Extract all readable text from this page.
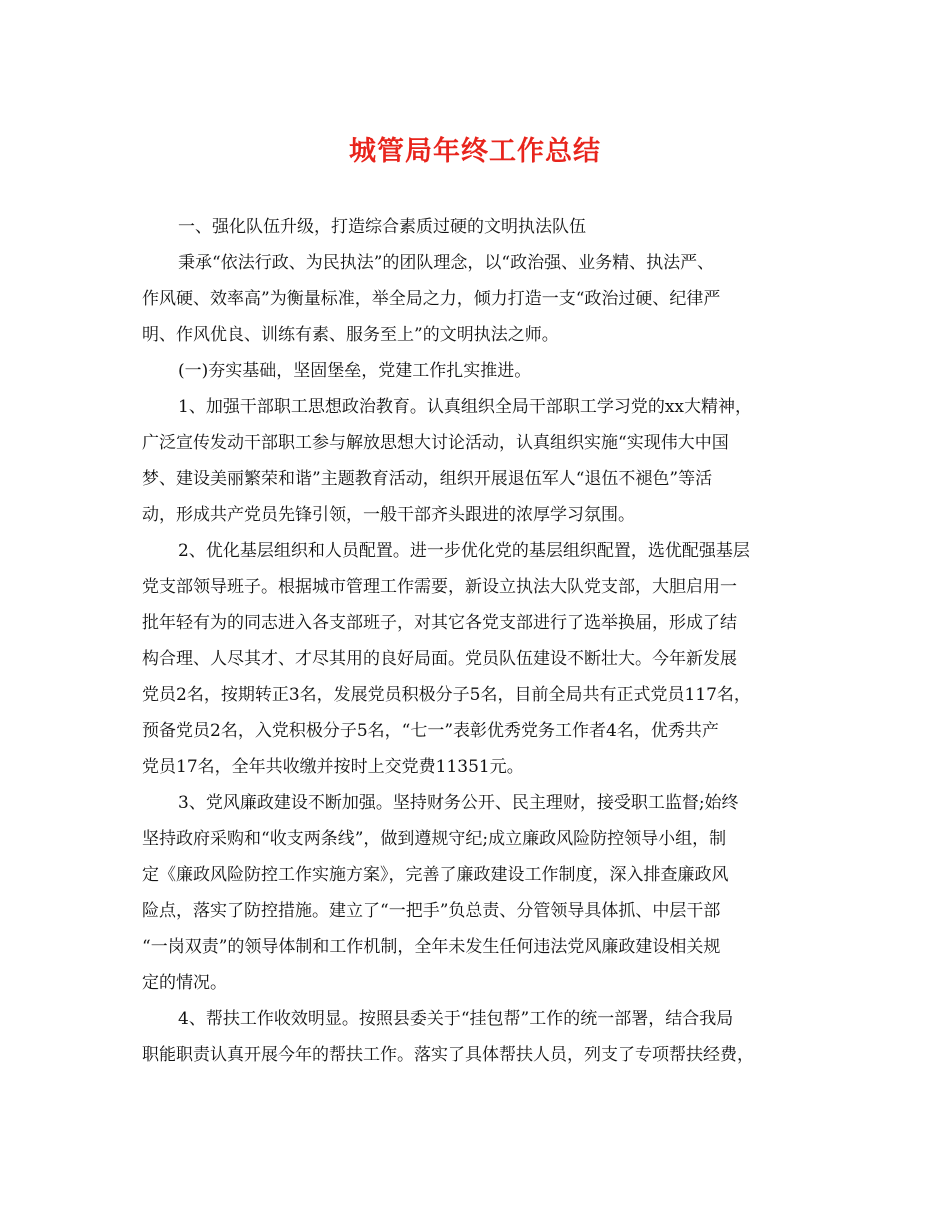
城管局年终工作总结
一、强化队伍升级，打造综合素质过硬的文明执法队伍
秉承“依法行政、为民执法”的团队理念，以“政治强、业务精、执法严、
作风硬、效率高”为衡量标准，举全局之力，倾力打造一支“政治过硬、纪律严
明、作风优良、训练有素、服务至上”的文明执法之师。
(一)夯实基础，坚固堡垒，党建工作扎实推进。
1、加强干部职工思想政治教育。认真组织全局干部职工学习党的xx大精神，
广泛宣传发动干部职工参与解放思想大讨论活动，认真组织实施“实现伟大中国
梦、建设美丽繁荣和谐”主题教育活动，组织开展退伍军人“退伍不褪色”等活
动，形成共产党员先锋引领，一般干部齐头跟进的浓厚学习氛围。
2、优化基层组织和人员配置。进一步优化党的基层组织配置，选优配强基层
党支部领导班子。根据城市管理工作需要，新设立执法大队党支部，大胆启用一
批年轻有为的同志进入各支部班子，对其它各党支部进行了选举换届，形成了结
构合理、人尽其才、才尽其用的良好局面。党员队伍建设不断壮大。今年新发展
党员2名，按期转正3名，发展党员积极分子5名，目前全局共有正式党员117名，
预备党员2名，入党积极分子5名，“七一”表彰优秀党务工作者4名，优秀共产
党员17名，全年共收缴并按时上交党费11351元。
3、党风廉政建设不断加强。坚持财务公开、民主理财，接受职工监督;始终
坚持政府采购和“收支两条线”，做到遵规守纪;成立廉政风险防控领导小组，制
定《廉政风险防控工作实施方案》，完善了廉政建设工作制度，深入排查廉政风
险点，落实了防控措施。建立了“一把手”负总责、分管领导具体抓、中层干部
“一岗双责”的领导体制和工作机制，全年未发生任何违法党风廉政建设相关规
定的情况。
4、帮扶工作收效明显。按照县委关于“挂包帮”工作的统一部署，结合我局
职能职责认真开展今年的帮扶工作。落实了具体帮扶人员，列支了专项帮扶经费，
